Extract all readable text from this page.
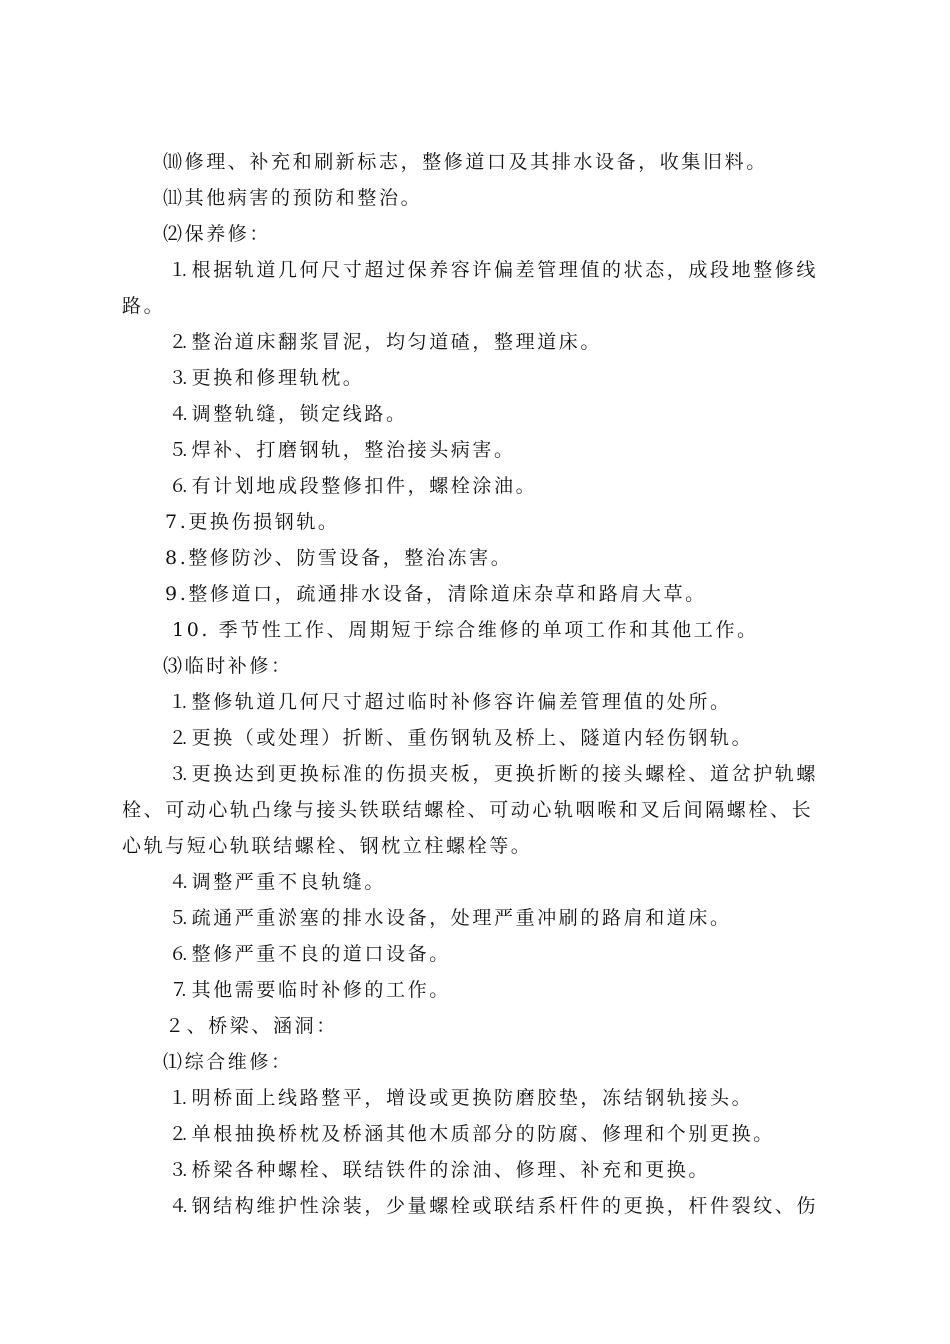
⑽修理、补充和刷新标志，整修道口及其排水设备，收集旧料。
⑾其他病害的预防和整治。
⑵保养修：
⒈根据轨道几何尺寸超过保养容许偏差管理值的状态，成段地整修线
路。
⒉整治道床翻浆冒泥，均匀道碴，整理道床。
⒊更换和修理轨枕。
⒋调整轨缝，锁定线路。
⒌焊补、打磨钢轨，整治接头病害。
⒍有计划地成段整修扣件，螺栓涂油。
7.更换伤损钢轨。
8.整修防沙、防雪设备，整治冻害。
9.整修道口，疏通排水设备，清除道床杂草和路肩大草。
10. 季节性工作、周期短于综合维修的单项工作和其他工作。
⑶临时补修：
⒈整修轨道几何尺寸超过临时补修容许偏差管理值的处所。
⒉更换（或处理）折断、重伤钢轨及桥上、隧道内轻伤钢轨。
⒊更换达到更换标准的伤损夹板，更换折断的接头螺栓、道岔护轨螺
栓、可动心轨凸缘与接头铁联结螺栓、可动心轨咽喉和叉后间隔螺栓、长
心轨与短心轨联结螺栓、钢枕立柱螺栓等。
⒋调整严重不良轨缝。
⒌疏通严重淤塞的排水设备，处理严重冲刷的路肩和道床。
⒍整修严重不良的道口设备。
⒎其他需要临时补修的工作。
２、桥梁、涵洞：
⑴综合维修：
⒈明桥面上线路整平，增设或更换防磨胶垫，冻结钢轨接头。
⒉单根抽换桥枕及桥涵其他木质部分的防腐、修理和个别更换。
⒊桥梁各种螺栓、联结铁件的涂油、修理、补充和更换。
⒋钢结构维护性涂装，少量螺栓或联结系杆件的更换，杆件裂纹、伤
